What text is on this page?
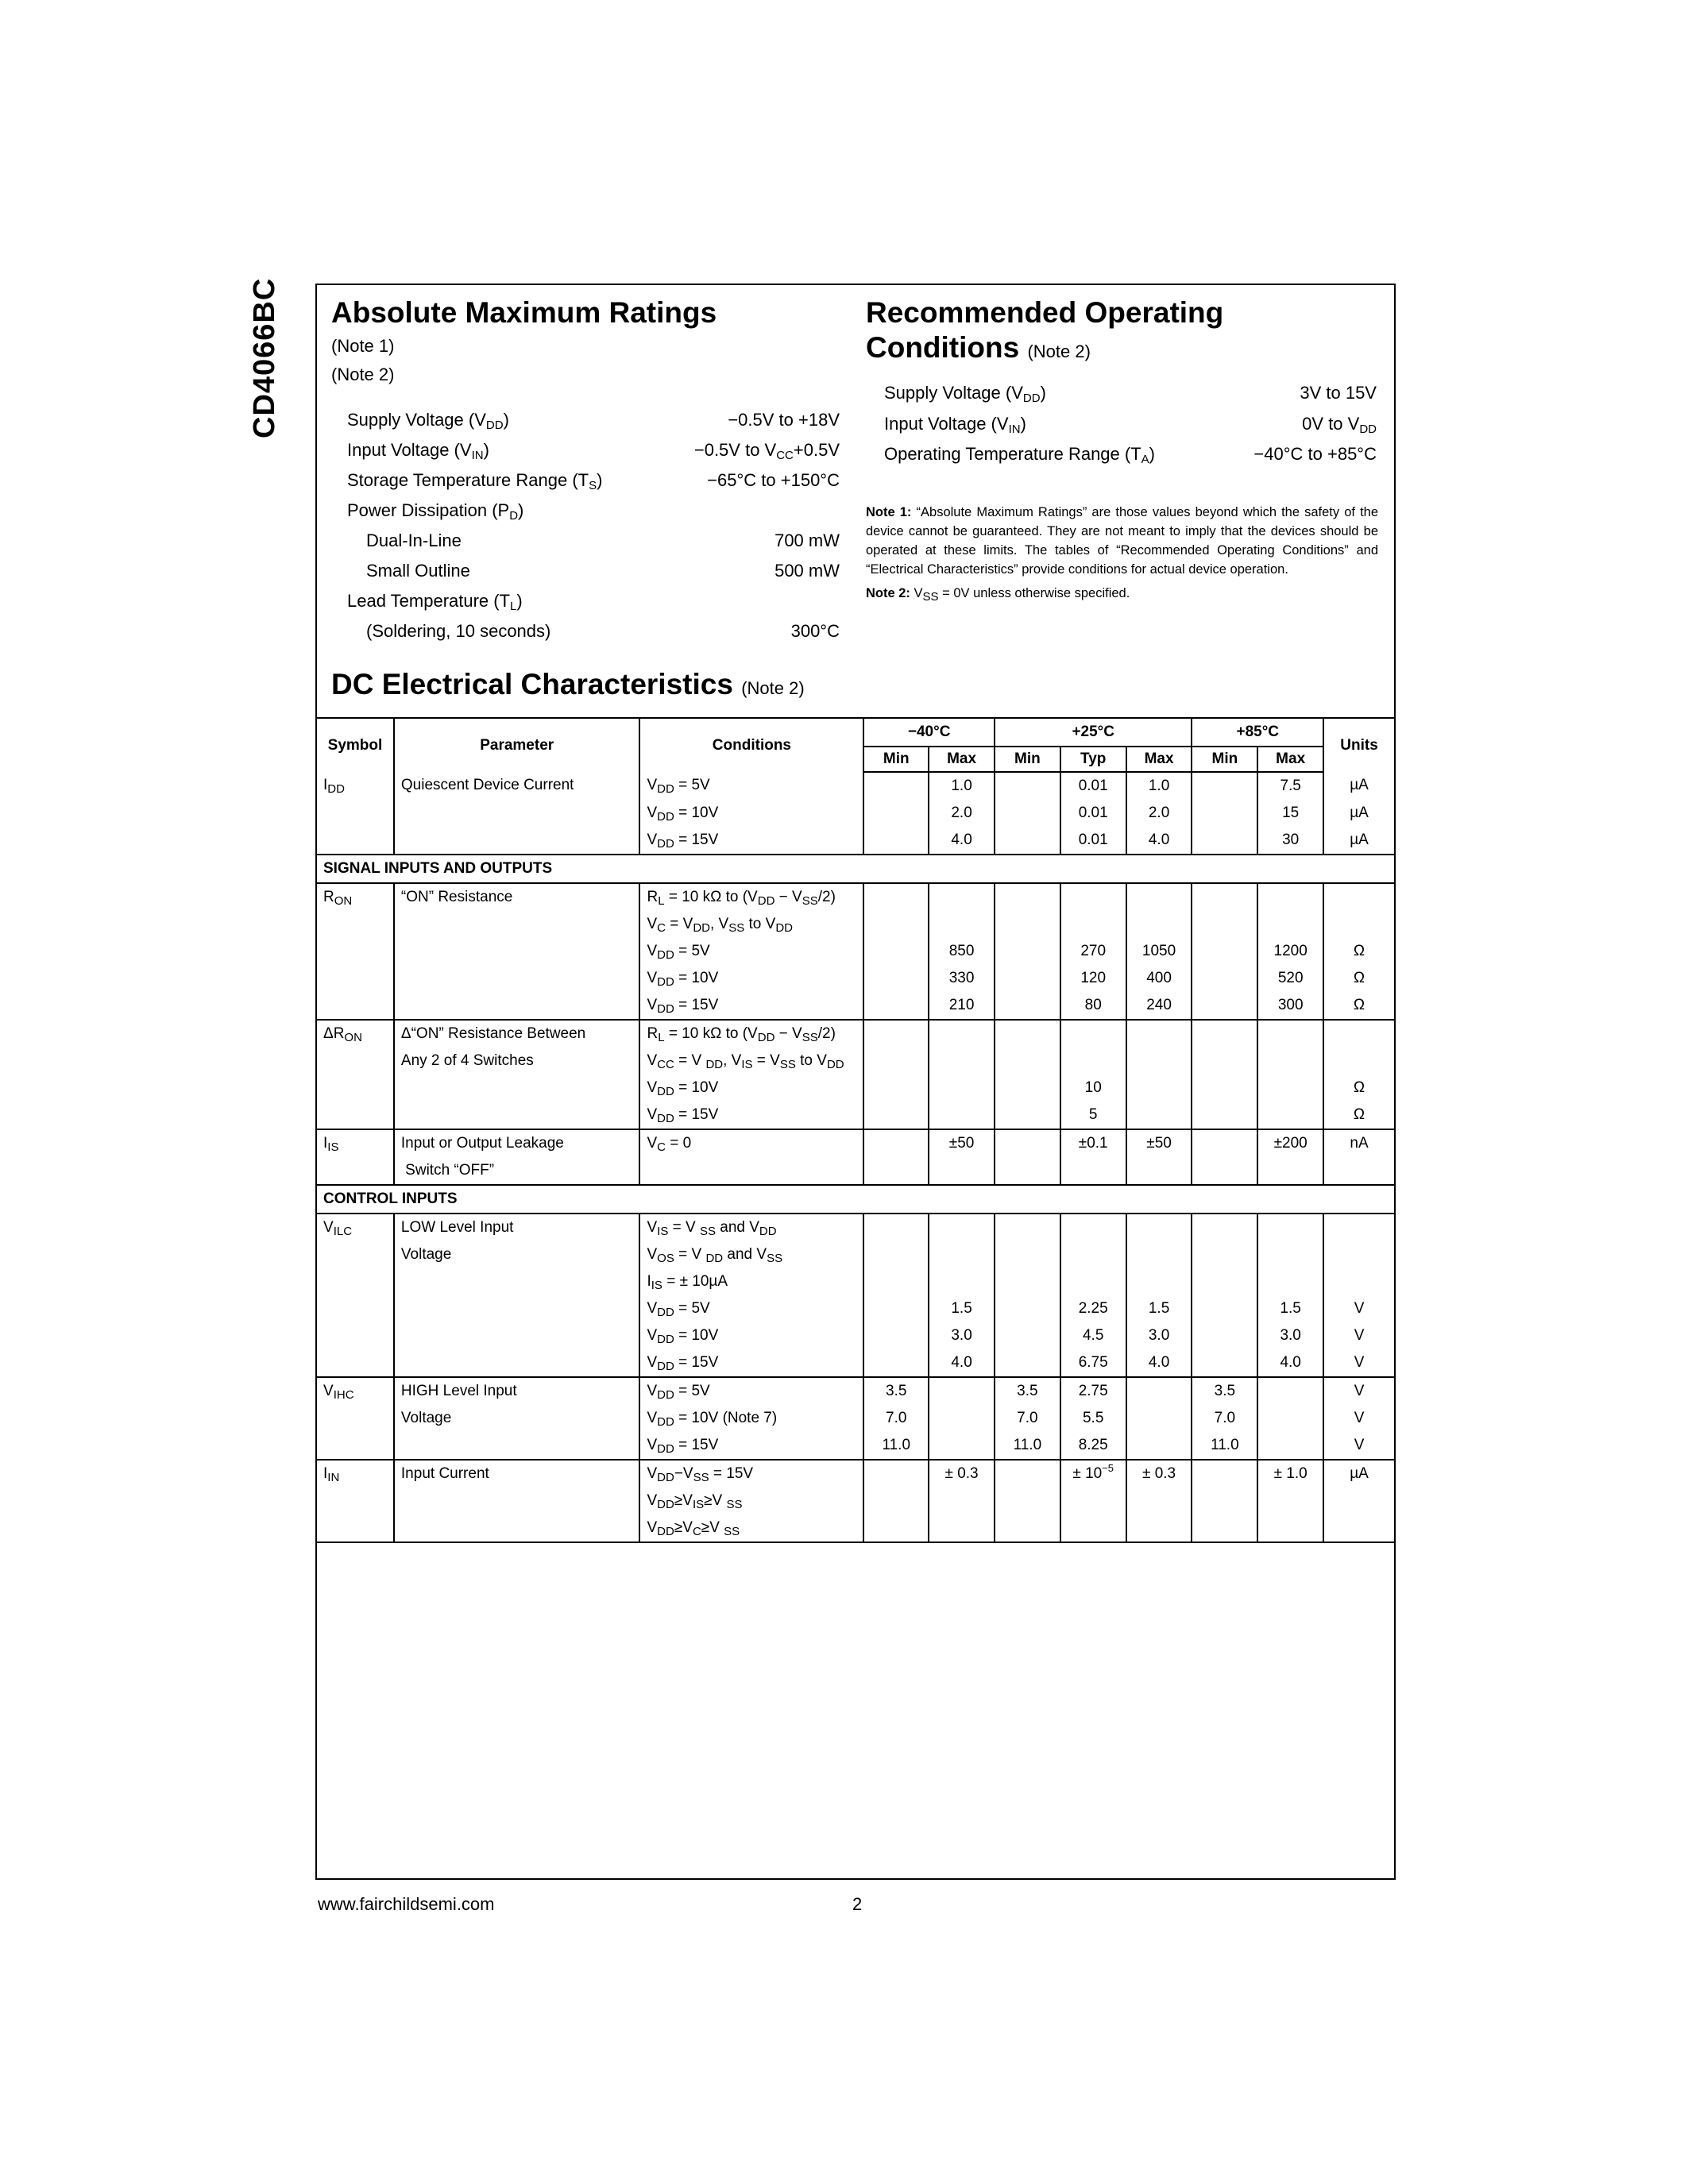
CD4066BC Absolute Maximum Ratings
(Note 1)
(Note 2)
Recommended Operating
Conditions (Note 2)
Note 1: “Absolute Maximum Ratings” are those values beyond which the safety of the device cannot be guaranteed. They are not meant to imply that the devices should be operated at these limits. The tables of “Recommended Operating Conditions” and “Electrical Characteristics” provide conditions for actual device operation.
Note 2: $V_{SS} = 0V$ unless otherwise specified.
DC Electrical Characteristics (Note 2)
Symbol	Parameter	Conditions	−40°C		+25°C			+85°C		Units
			Min	Max	Min	Typ	Max	Min	Max	
$I_{DD}$	Quiescent Device Current	$V_{DD} = 5V$		1.0		0.01	1.0		7.5	µA
		$V_{DD} = 10V$		2.0		0.01	2.0		15	µA
		$V_{DD} = 15V$		4.0		0.01	4.0		30	µA
SIGNAL INPUTS AND OUTPUTS										
$R_{ON}$	“ON” Resistance	$R_L = 10$ kΩ to $(V_{DD} - V_{SS}/2)$								
		$V_C = V_{DD}$, $V_{SS}$ to $V_{DD}$								
		$V_{DD} = 5V$		850		270	1050		1200	Ω
		$V_{DD} = 10V$		330		120	400		520	Ω
		$V_{DD} = 15V$		210		80	240		300	Ω
$\Delta R_{ON}$	Δ“ON” Resistance Between	$R_L = 10$ kΩ to $(V_{DD} - V_{SS}/2)$								
	Any 2 of 4 Switches	$V_{CC} = V$ $_{DD}$, $V_{IS} = V_{SS}$ to $V_{DD}$								
		$V_{DD} = 10V$				10				Ω
		$V_{DD} = 15V$				5				Ω
$I_{IS}$	Input or Output Leakage	$V_C = 0$		±50		±0.1	±50		±200	nA
	Switch “OFF”									
CONTROL INPUTS										
$V_{ILC}$	LOW Level Input	$V_{IS} = V$ $_{SS}$ and $V_{DD}$								
	Voltage	$V_{OS} = V$ $_{DD}$ and $V_{SS}$								
		$I_{IS}$ = ± 10µA								
		$V_{DD} = 5V$		1.5		2.25	1.5		1.5	V
		$V_{DD} = 10V$		3.0		4.5	3.0		3.0	V
		$V_{DD} = 15V$		4.0		6.75	4.0		4.0	V
$V_{IHC}$	HIGH Level Input	$V_{DD} = 5V$	3.5		3.5	2.75		3.5		V
	Voltage	$V_{DD} = 10V$ (Note 7)	7.0		7.0	5.5		7.0		V
		$V_{DD} = 15V$	11.0		11.0	8.25		11.0		V
$I_{IN}$	Input Current	$V_{DD}-V_{SS} = 15V$		± 0.3		± $10^{-5}$	± 0.3		± 1.0	µA
		$V_{DD}\ge V_{IS}\ge V$ $_{SS}$								
		$V_{DD}\ge V_C\ge V$ $_{SS}$								
www.fairchildsemi.com	2
Supply Voltage $(V_{DD})$	−0.5V to +18V
Input Voltage $(V_{IN})$	−0.5V to $V_{CC}+0.5V$
Storage Temperature Range $(T_S)$	−65°C to +150°C
Power Dissipation $(P_D)$
Dual-In-Line	700 mW
Small Outline	500 mW
Lead Temperature $(T_L)$
(Soldering, 10 seconds)	300°C
Supply Voltage $(V_{DD})$	3V to 15V
Input Voltage $(V_{IN})$	0V to $V_{DD}$
Operating Temperature Range $(T_A)$	−40°C to +85°C
